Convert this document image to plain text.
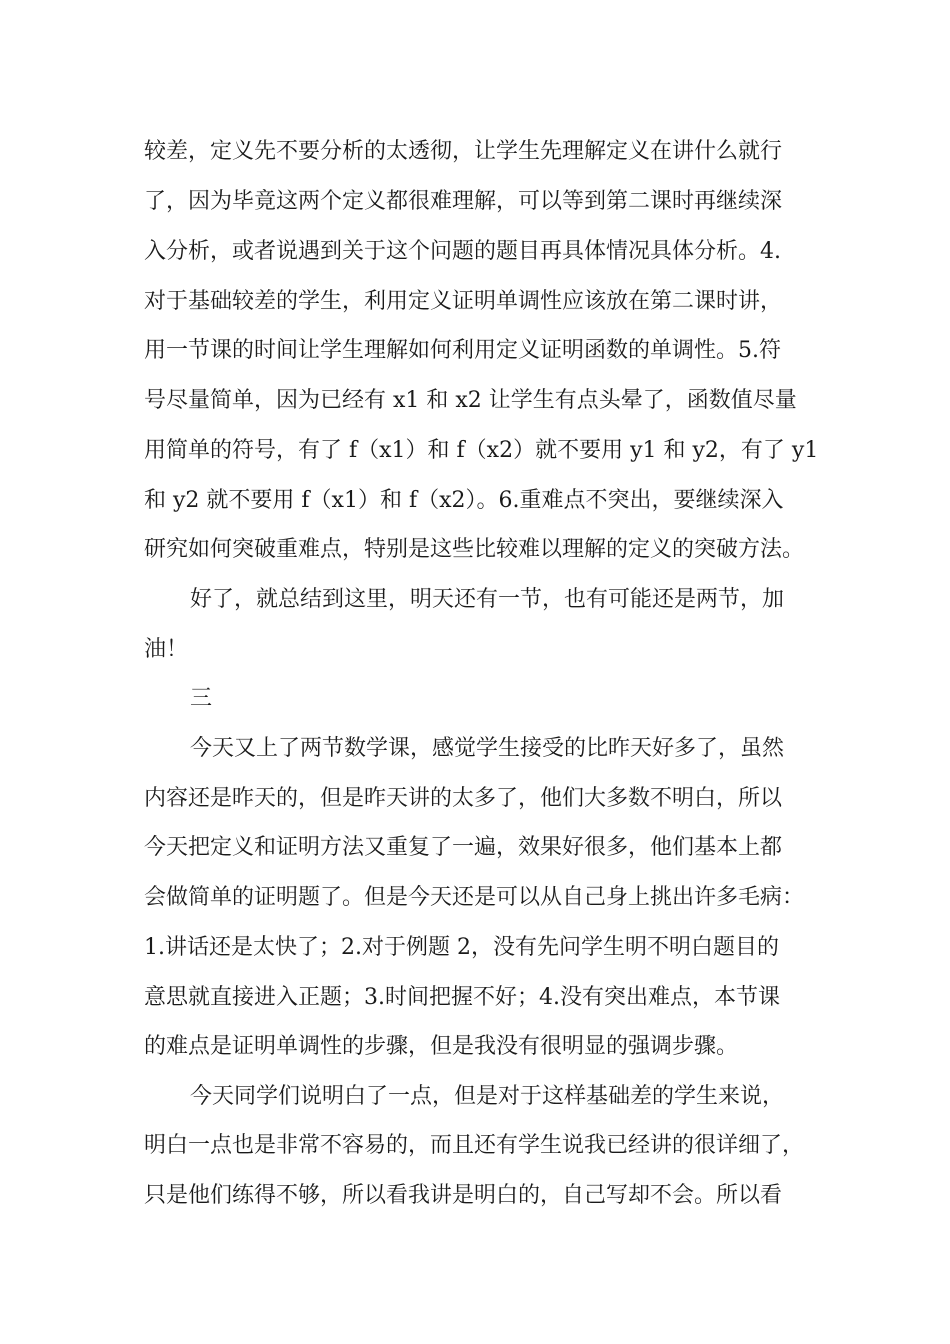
较差，定义先不要分析的太透彻，让学生先理解定义在讲什么就行
了，因为毕竟这两个定义都很难理解，可以等到第二课时再继续深
入分析，或者说遇到关于这个问题的题目再具体情况具体分析。4.
对于基础较差的学生，利用定义证明单调性应该放在第二课时讲，
用一节课的时间让学生理解如何利用定义证明函数的单调性。5.符
号尽量简单，因为已经有 x1 和 x2 让学生有点头晕了，函数值尽量
用简单的符号，有了 f（x1）和 f（x2）就不要用 y1 和 y2，有了 y1
和 y2 就不要用 f（x1）和 f（x2）。6.重难点不突出，要继续深入
研究如何突破重难点，特别是这些比较难以理解的定义的突破方法。
好了，就总结到这里，明天还有一节，也有可能还是两节，加
油！
三
今天又上了两节数学课，感觉学生接受的比昨天好多了，虽然
内容还是昨天的，但是昨天讲的太多了，他们大多数不明白，所以
今天把定义和证明方法又重复了一遍，效果好很多，他们基本上都
会做简单的证明题了。但是今天还是可以从自己身上挑出许多毛病：
1.讲话还是太快了；2.对于例题 2，没有先问学生明不明白题目的
意思就直接进入正题；3.时间把握不好；4.没有突出难点，本节课
的难点是证明单调性的步骤，但是我没有很明显的强调步骤。
今天同学们说明白了一点，但是对于这样基础差的学生来说，
明白一点也是非常不容易的，而且还有学生说我已经讲的很详细了，
只是他们练得不够，所以看我讲是明白的，自己写却不会。所以看
